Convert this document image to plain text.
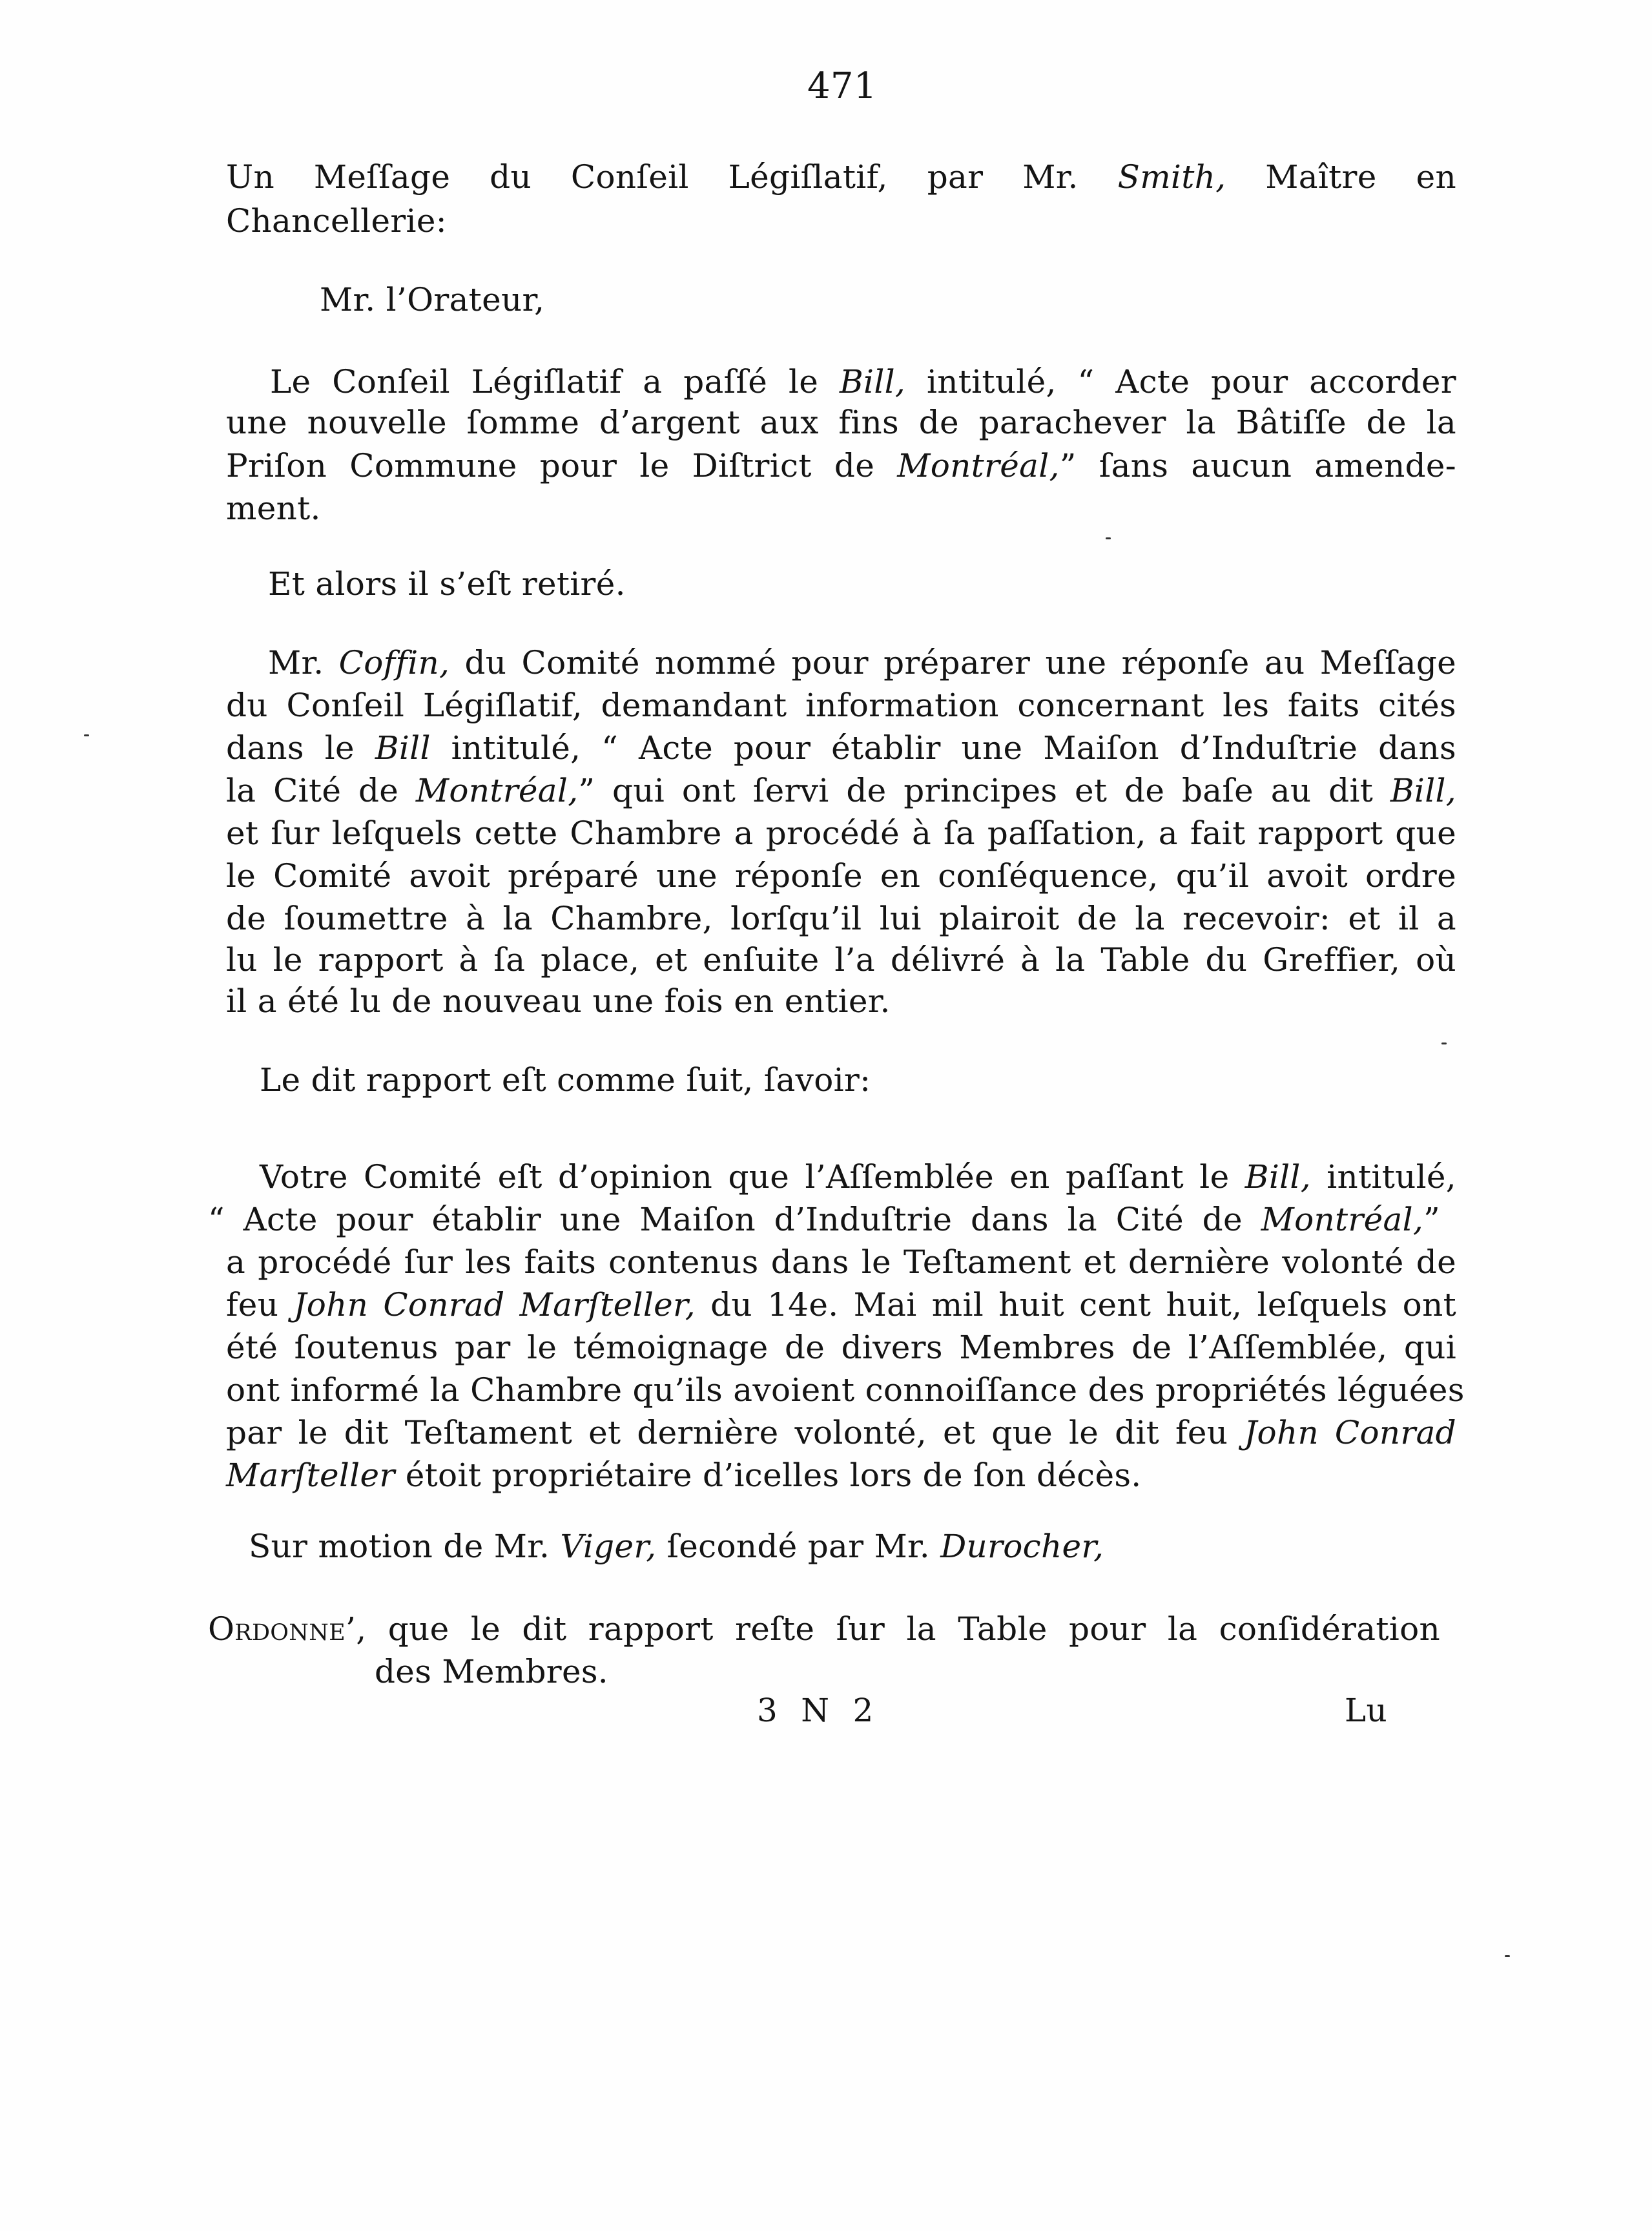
471
Un Meſſage du Conſeil Légiſlatif, par Mr. Smith, Maître en
Chancellerie:
Mr. l’Orateur,
Le Conſeil Légiſlatif a paſſé le Bill, intitulé, “ Acte pour accorder
une nouvelle ſomme d’argent aux fins de parachever la Bâtiſſe de la
Priſon Commune pour le Diſtrict de Montréal,” ſans aucun amende-
ment.
Et alors il s’eſt retiré.
Mr. Coffin, du Comité nommé pour préparer une réponſe au Meſſage
du Conſeil Légiſlatif, demandant information concernant les faits cités
dans le Bill intitulé, “ Acte pour établir une Maiſon d’Induſtrie dans
la Cité de Montréal,” qui ont ſervi de principes et de baſe au dit Bill,
et ſur leſquels cette Chambre a procédé à ſa paſſation, a fait rapport que
le Comité avoit préparé une réponſe en conſéquence, qu’il avoit ordre
de ſoumettre à la Chambre, lorſqu’il lui plairoit de la recevoir: et il a
lu le rapport à ſa place, et enſuite l’a délivré à la Table du Greffier, où
il a été lu de nouveau une fois en entier.
Le dit rapport eſt comme ſuit, ſavoir:
Votre Comité eſt d’opinion que l’Aſſemblée en paſſant le Bill, intitulé,
“ Acte pour établir une Maiſon d’Induſtrie dans la Cité de Montréal,”
a procédé ſur les faits contenus dans le Teſtament et dernière volonté de
feu John Conrad Marſteller, du 14e. Mai mil huit cent huit, leſquels ont
été ſoutenus par le témoignage de divers Membres de l’Aſſemblée, qui
ont informé la Chambre qu’ils avoient connoiſſance des propriétés léguées
par le dit Teſtament et dernière volonté, et que le dit feu John Conrad
Marſteller étoit propriétaire d’icelles lors de ſon décès.
Sur motion de Mr. Viger, ſecondé par Mr. Durocher,
Ordonne’, que le dit rapport reſte ſur la Table pour la conſidération
des Membres.
3 N 2	Lu
